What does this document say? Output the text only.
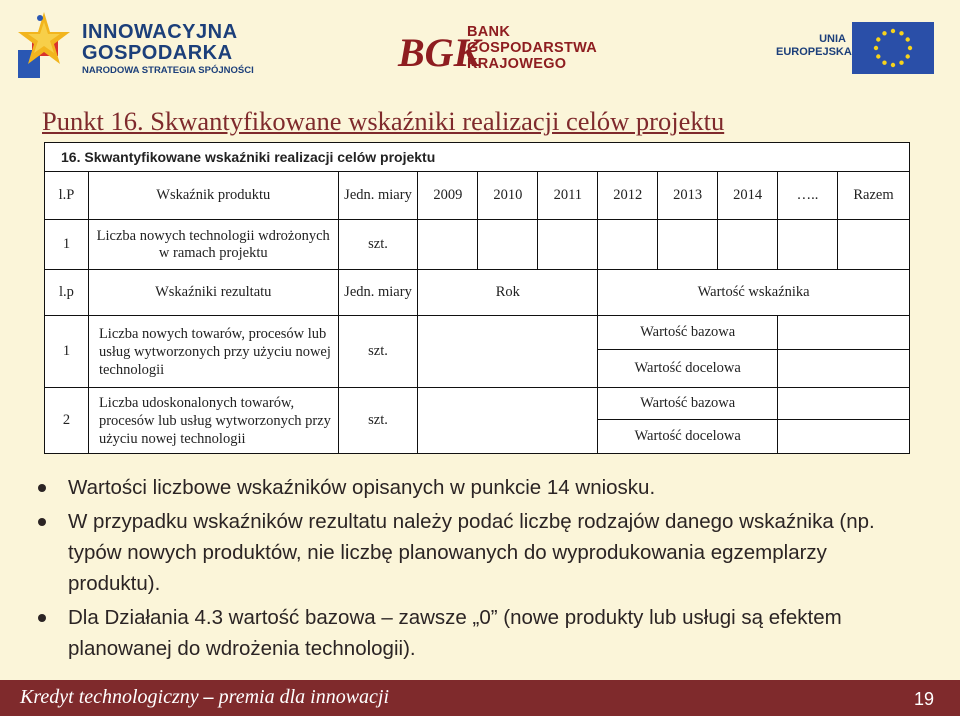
INNOWACYJNA
GOSPODARKA
NARODOWA STRATEGIA SPÓJNOŚCI	BGK
BANK
GOSPODARSTWA
KRAJOWEGO
UNIA
EUROPEJSKA
Punkt 16. Skwantyfikowane wskaźniki realizacji celów projektu
16. Skwantyfikowane wskaźniki realizacji celów projektu										
l.P	Wskaźnik produktu	Jedn. miary	2009	2010	2011	2012	2013	2014	…..	Razem
1	Liczba nowych technologii wdrożonych w ramach projektu	szt.								
l.p	Wskaźniki rezultatu	Jedn. miary	Rok			Wartość wskaźnika				
1	Liczba nowych towarów, procesów lub usług wytworzonych przy użyciu nowej technologii	szt.				Wartość bazowa				
						Wartość docelowa				
2	Liczba udoskonalonych towarów, procesów lub usług wytworzonych przy użyciu nowej technologii	szt.				Wartość bazowa				
						Wartość docelowa				
Wartości liczbowe wskaźników opisanych w punkcie 14 wniosku.
W przypadku wskaźników rezultatu należy podać liczbę rodzajów danego wskaźnika (np. typów nowych produktów, nie liczbę planowanych do wyprodukowania egzemplarzy produktu).
Dla Działania 4.3 wartość bazowa – zawsze „0” (nowe produkty lub usługi są efektem planowanej do wdrożenia technologii).
Kredyt technologiczny – premia dla innowacji	19
